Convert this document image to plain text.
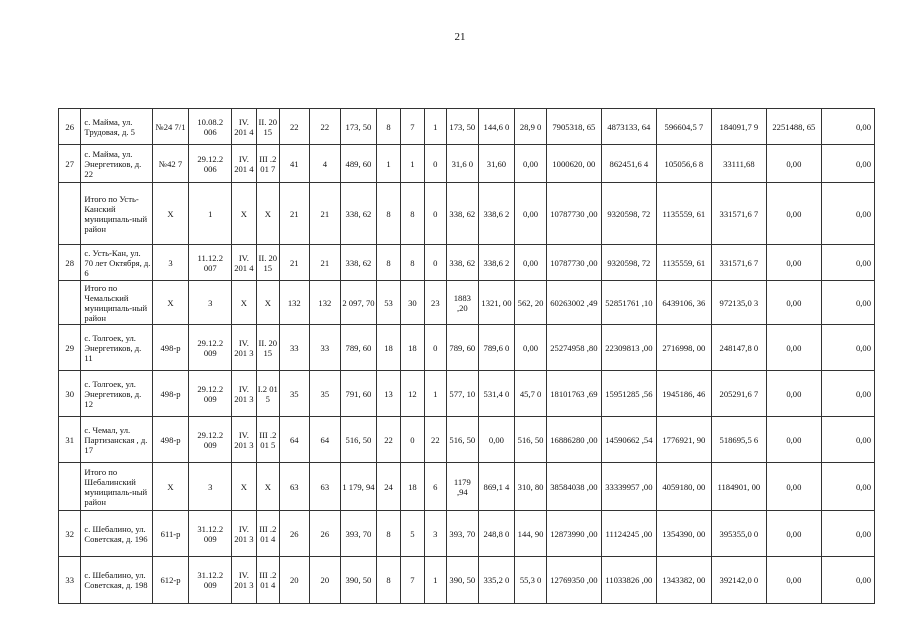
21
26	с. Майма, ул. Трудовая, д. 5	№24 7/1	10.08.2 006	IV. 201 4	II. 20 15	22	22	173, 50	8	7	1	173, 50	144,6 0	28,9 0	7905318, 65	4873133, 64	596604,5 7	184091,7 9	2251488, 65	0,00
27	с. Майма, ул. Энергетиков, д. 22	№42 7	29.12.2 006	IV. 201 4	III .2 01 7	41	4	489, 60	1	1	0	31,6 0	31,60	0,00	1000620, 00	862451,6 4	105056,6 8	33111,68	0,00	0,00
	Итого по Усть-Канский муниципаль-ный район	X	1	X	X	21	21	338, 62	8	8	0	338, 62	338,6 2	0,00	10787730 ,00	9320598, 72	1135559, 61	331571,6 7	0,00	0,00
28	с. Усть-Кан, ул. 70 лет Октября, д. 6	3	11.12.2 007	IV. 201 4	II. 20 15	21	21	338, 62	8	8	0	338, 62	338,6 2	0,00	10787730 ,00	9320598, 72	1135559, 61	331571,6 7	0,00	0,00
	Итого по Чемальский муниципаль-ный район	X	3	X	X	132	132	2 097, 70	53	30	23	1883 ,20	1321, 00	562, 20	60263002 ,49	52851761 ,10	6439106, 36	972135,0 3	0,00	0,00
29	с. Толгоек, ул. Энергетиков, д. 11	498-р	29.12.2 009	IV. 201 3	II. 20 15	33	33	789, 60	18	18	0	789, 60	789,6 0	0,00	25274958 ,80	22309813 ,00	2716998, 00	248147,8 0	0,00	0,00
30	с. Толгоек, ул. Энергетиков, д. 12	498-р	29.12.2 009	IV. 201 3	I.2 01 5	35	35	791, 60	13	12	1	577, 10	531,4 0	45,7 0	18101763 ,69	15951285 ,56	1945186, 46	205291,6 7	0,00	0,00
31	с. Чемал, ул. Партизанская , д. 17	498-р	29.12.2 009	IV. 201 3	III .2 01 5	64	64	516, 50	22	0	22	516, 50	0,00	516, 50	16886280 ,00	14590662 ,54	1776921, 90	518695,5 6	0,00	0,00
	Итого по Шебалинский муниципаль-ный район	X	3	X	X	63	63	1 179, 94	24	18	6	1179 ,94	869,1 4	310, 80	38584038 ,00	33339957 ,00	4059180, 00	1184901, 00	0,00	0,00
32	с. Шебалино, ул. Советская, д. 196	611-р	31.12.2 009	IV. 201 3	III .2 01 4	26	26	393, 70	8	5	3	393, 70	248,8 0	144, 90	12873990 ,00	11124245 ,00	1354390, 00	395355,0 0	0,00	0,00
33	с. Шебалино, ул. Советская, д. 198	612-р	31.12.2 009	IV. 201 3	III .2 01 4	20	20	390, 50	8	7	1	390, 50	335,2 0	55,3 0	12769350 ,00	11033826 ,00	1343382, 00	392142,0 0	0,00	0,00
